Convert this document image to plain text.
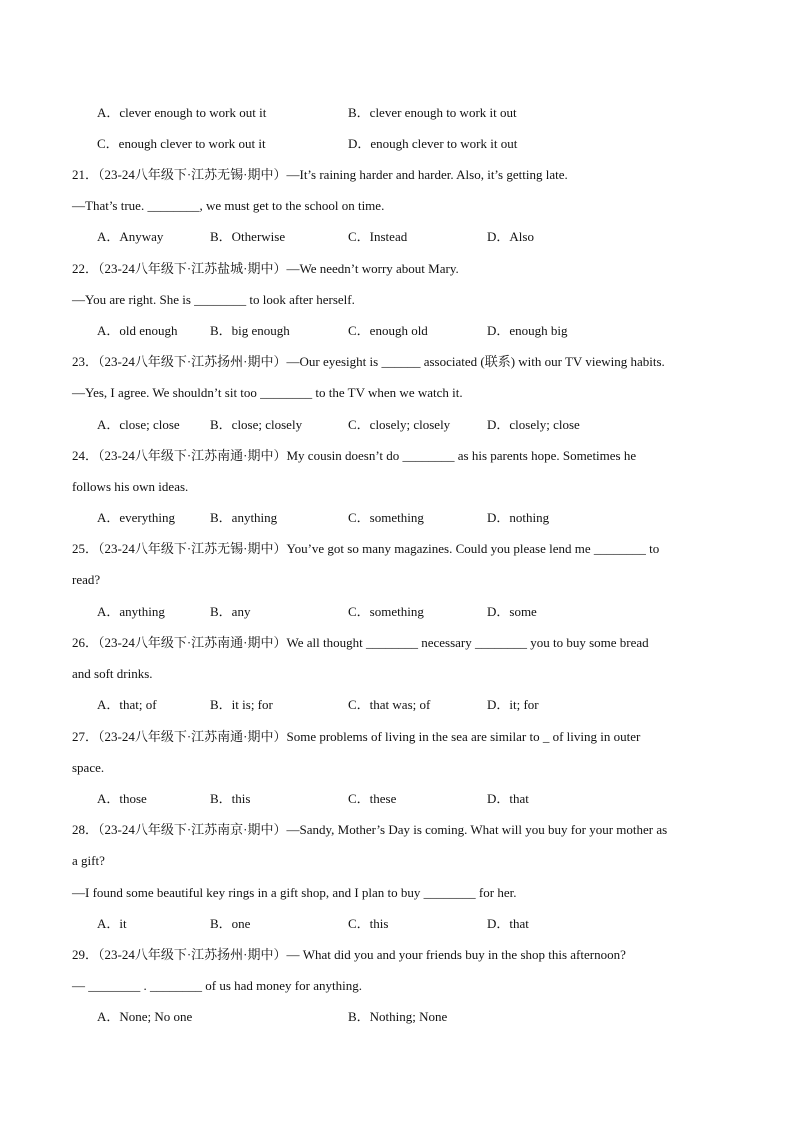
A．clever enough to work out it	B．clever enough to work it out
C．enough clever to work out it	D．enough clever to work it out
21．（23-24八年级下·江苏无锡·期中）—It’s raining harder and harder. Also, it’s getting late.
—That’s true. ________, we must get to the school on time.
A．Anyway	B．Otherwise	C．Instead	D．Also
22．（23-24八年级下·江苏盐城·期中）—We needn’t worry about Mary.
—You are right. She is ________ to look after herself.
A．old enough B．big enough	C．enough old	D．enough big
23．（23-24八年级下·江苏扬州·期中）—Our eyesight is ______ associated (联系) with our TV viewing habits.
—Yes, I agree. We shouldn’t sit too ________ to the TV when we watch it.
A．close; close B．close; closely	C．closely; closely	D．closely; close
24．（23-24八年级下·江苏南通·期中）My cousin doesn’t do ________ as his parents hope. Sometimes he
follows his own ideas.
A．everything	B．anything	C．something	D．nothing
25．（23-24八年级下·江苏无锡·期中）You’ve got so many magazines. Could you please lend me ________ to
read?
A．anything	B．any	C．something	D．some
26．（23-24八年级下·江苏南通·期中）We all thought ________ necessary ________ you to buy some bread
and soft drinks.
A．that; of	B．it is; for	C．that was; of	D．it; for
27．（23-24八年级下·江苏南通·期中）Some problems of living in the sea are similar to _ of living in outer
space.
A．those	B．this	C．these	D．that
28．（23-24八年级下·江苏南京·期中）—Sandy, Mother’s Day is coming. What will you buy for your mother as
a gift?
—I found some beautiful key rings in a gift shop, and I plan to buy ________ for her.
A．it	B．one	C．this	D．that
29．（23-24八年级下·江苏扬州·期中）— What did you and your friends buy in the shop this afternoon?
— ________ . ________ of us had money for anything.
A．None; No one	B．Nothing; None
